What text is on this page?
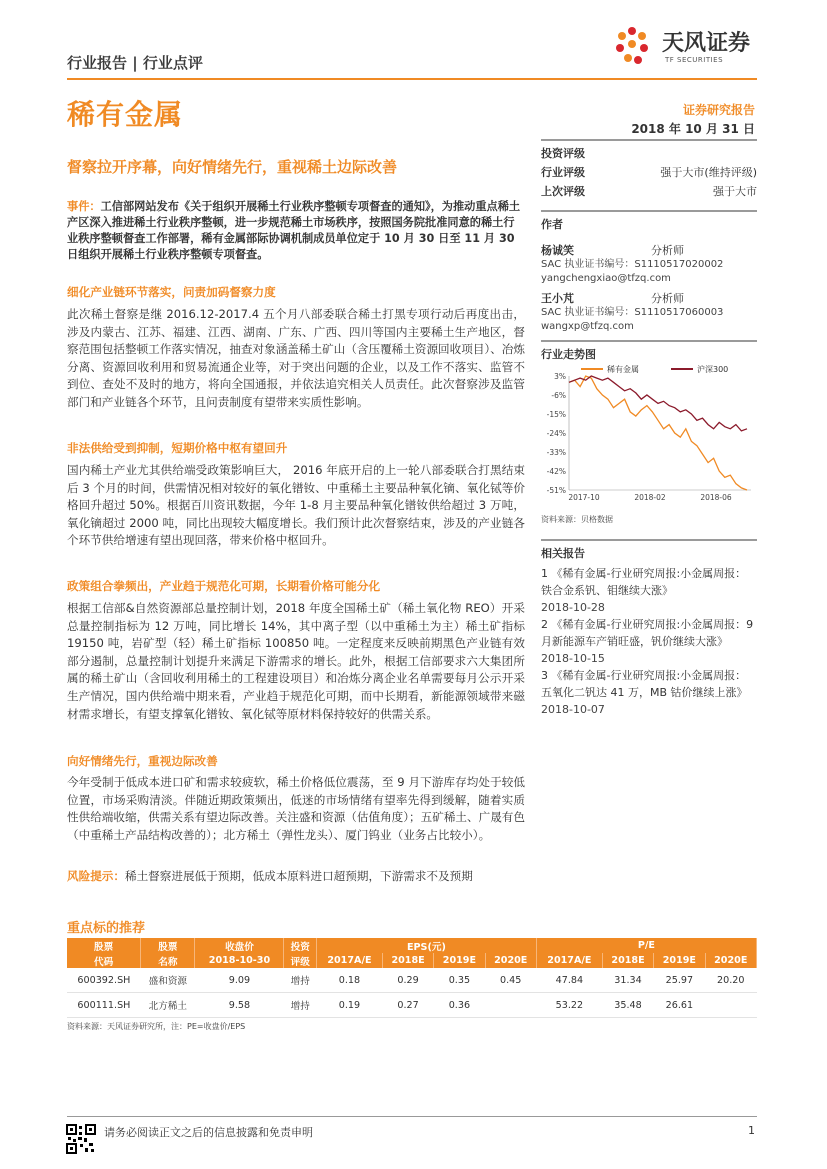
行业报告 | 行业点评
稀有金属
天风证券
TF SECURITIES
证券研究报告
2018 年 10 月 31 日
督察拉开序幕，向好情绪先行，重视稀土边际改善
事件：工信部网站发布《关于组织开展稀土行业秩序整顿专项督查的通知》，为推动重点稀土产区深入推进稀土行业秩序整顿，进一步规范稀土市场秩序，按照国务院批准同意的稀土行业秩序整顿督查工作部署，稀有金属部际协调机制成员单位定于 10 月 30 日至 11 月 30 日组织开展稀土行业秩序整顿专项督查。
细化产业链环节落实，问责加码督察力度
此次稀土督察是继 2016.12-2017.4 五个月八部委联合稀土打黑专项行动后再度出击，涉及内蒙古、江苏、福建、江西、湖南、广东、广西、四川等国内主要稀土生产地区，督察范围包括整顿工作落实情况，抽查对象涵盖稀土矿山（含压覆稀土资源回收项目）、冶炼分离、资源回收利用和贸易流通企业等，对于突出问题的企业，以及工作不落实、监管不到位、查处不及时的地方，将向全国通报，并依法追究相关人员责任。此次督察涉及监管部门和产业链各个环节，且问责制度有望带来实质性影响。
非法供给受到抑制，短期价格中枢有望回升
国内稀土产业尤其供给端受政策影响巨大， 2016 年底开启的上一轮八部委联合打黑结束后 3 个月的时间，供需情况相对较好的氧化镨钕、中重稀土主要品种氧化镝、氧化铽等价格回升超过 50%。根据百川资讯数据，今年 1-8 月主要品种氧化镨钕供给超过 3 万吨，氧化镝超过 2000 吨，同比出现较大幅度增长。我们预计此次督察结束，涉及的产业链各个环节供给增速有望出现回落，带来价格中枢回升。
政策组合拳频出，产业趋于规范化可期，长期看价格可能分化
根据工信部&自然资源部总量控制计划，2018 年度全国稀土矿（稀土氧化物 REO）开采总量控制指标为 12 万吨，同比增长 14%，其中离子型（以中重稀土为主）稀土矿指标 19150 吨，岩矿型（轻）稀土矿指标 100850 吨。一定程度来反映前期黑色产业链有效部分遏制，总量控制计划提升来满足下游需求的增长。此外，根据工信部要求六大集团所属的稀土矿山（含回收利用稀土的工程建设项目）和冶炼分离企业名单需要每月公示开采生产情况，国内供给端中期来看，产业趋于规范化可期，而中长期看，新能源领域带来磁材需求增长，有望支撑氧化镨钕、氧化铽等原材料保持较好的供需关系。
向好情绪先行，重视边际改善
今年受制于低成本进口矿和需求较疲软，稀土价格低位震荡，至 9 月下游库存均处于较低位置，市场采购清淡。伴随近期政策频出，低迷的市场情绪有望率先得到缓解，随着实质性供给端收缩，供需关系有望边际改善。关注盛和资源（估值角度）；五矿稀土、广晟有色（中重稀土产品结构改善的）；北方稀土（弹性龙头）、厦门钨业（业务占比较小）。
风险提示：稀土督察进展低于预期，低成本原料进口超预期，下游需求不及预期
投资评级
行业评级	强于大市(维持评级)
上次评级	强于大市
作者
杨诚笑	分析师
SAC 执业证书编号：S1110517020002
yangchengxiao@tfzq.com
王小芃	分析师
SAC 执业证书编号：S1110517060003
wangxp@tfzq.com
行业走势图
3%
-6%
-15%
-24%
-33%
-42%
-51%
2017-10	2018-02	2018-06
稀有金属	沪深300
资料来源：贝格数据
相关报告
1 《稀有金属-行业研究周报:小金属周报：铁合金系钒、钼继续大涨》
2018-10-28
2 《稀有金属-行业研究周报:小金属周报：9 月新能源车产销旺盛，钒价继续大涨》
2018-10-15
3 《稀有金属-行业研究周报:小金属周报：五氧化二钒达 41 万，MB 钴价继续上涨》
2018-10-07
重点标的推荐
股票	股票	收盘价	投资	EPS(元)				P/E			
代码	名称	2018-10-30	评级	2017A/E	2018E	2019E	2020E	2017A/E	2018E	2019E	2020E
600392.SH	盛和资源	9.09	增持	0.18	0.29	0.35	0.45	47.84	31.34	25.97	20.20
600111.SH	北方稀土	9.58	增持	0.19	0.27	0.36		53.22	35.48	26.61	
资料来源：天风证券研究所，注：PE=收盘价/EPS
请务必阅读正文之后的信息披露和免责申明	1
